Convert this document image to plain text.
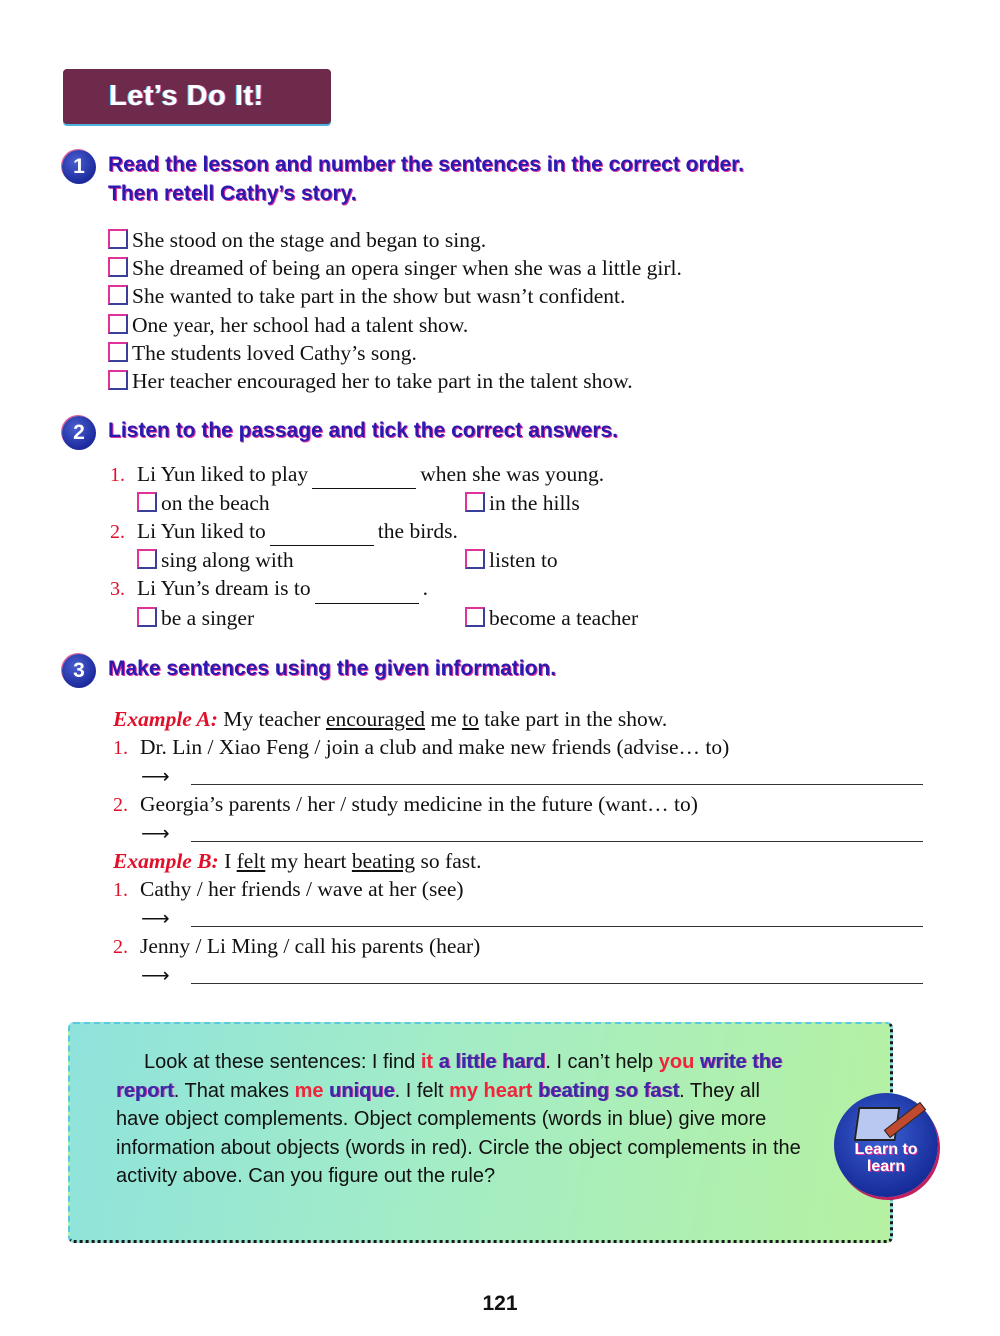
Let’s Do It!
1	Read the lesson and number the sentences in the correct order.
Then retell Cathy’s story.
She stood on the stage and began to sing.
She dreamed of being an opera singer when she was a little girl.
She wanted to take part in the show but wasn’t confident.
One year, her school had a talent show.
The students loved Cathy’s song.
Her teacher encouraged her to take part in the talent show.
2	Listen to the passage and tick the correct answers.
1. Li Yun liked to play	when she was young.
on the beach	in the hills
2. Li Yun liked to	the birds.
sing along with	listen to
3. Li Yun’s dream is to	.
be a singer	become a teacher
3	Make sentences using the given information.
Example A: My teacher encouraged me to take part in the show.
1. Dr. Lin / Xiao Feng / join a club and make new friends (advise… to)
⟶
2. Georgia’s parents / her / study medicine in the future (want… to)
⟶
Example B: I felt my heart beating so fast.
1. Cathy / her friends / wave at her (see)
⟶
2. Jenny / Li Ming / call his parents (hear)
⟶

Look at these sentences: I find it a little hard. I can’t help you write the report. That makes me unique. I felt my heart beating so fast. They all have object complements. Object complements (words in blue) give more information about objects (words in red). Circle the object complements in the activity above. Can you figure out the rule?

Learn to
learn
121
